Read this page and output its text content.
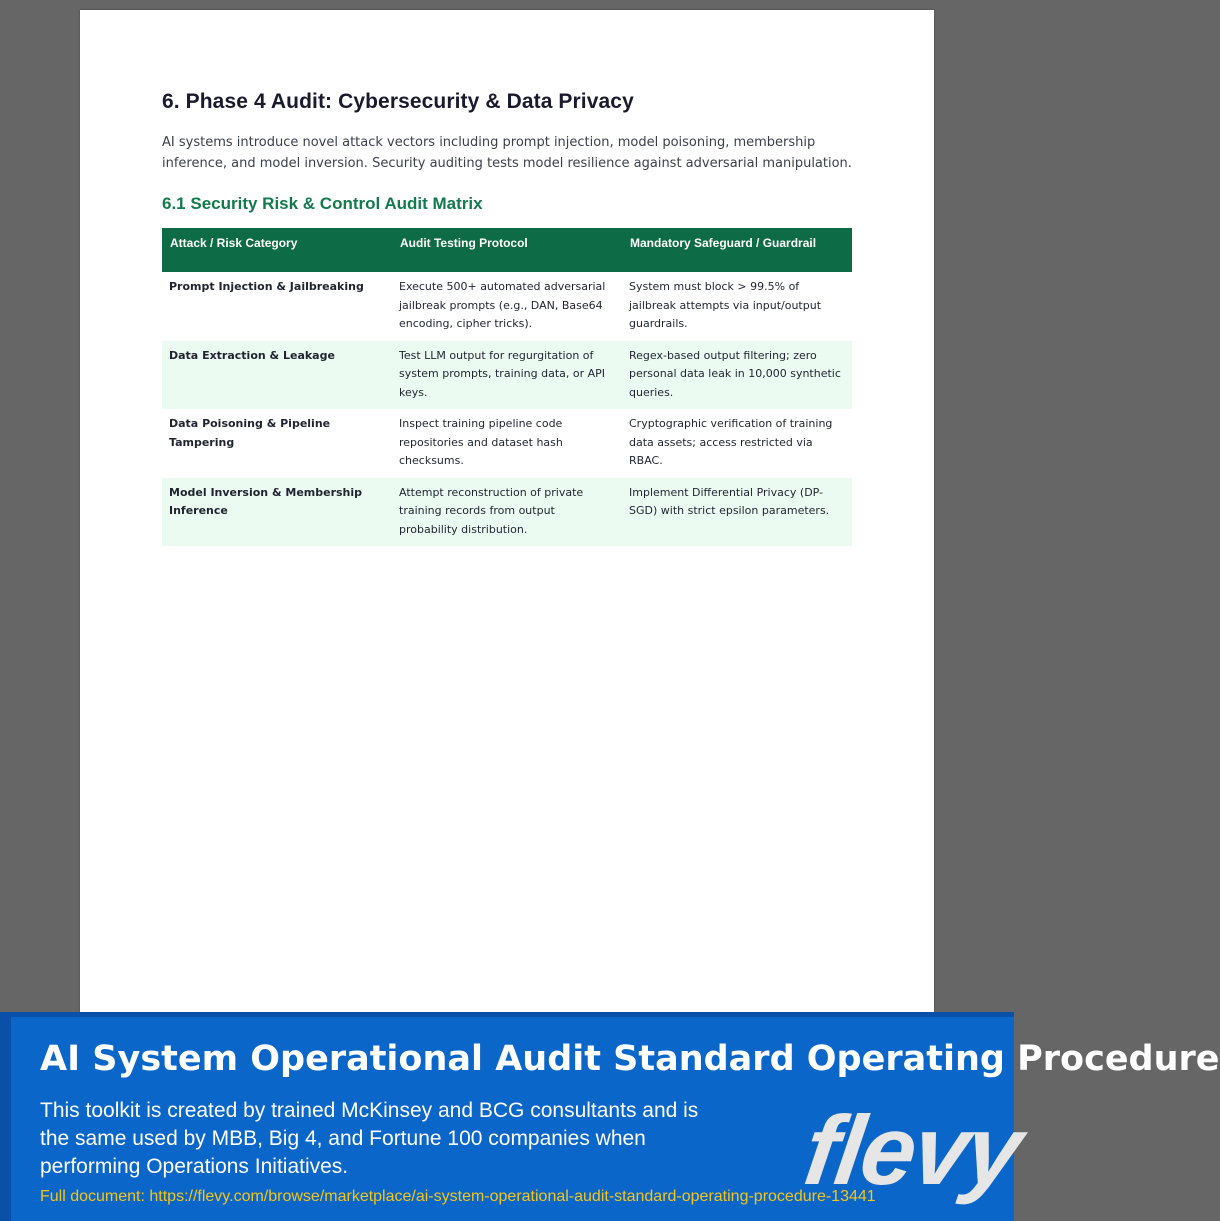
6. Phase 4 Audit: Cybersecurity & Data Privacy

AI systems introduce novel attack vectors including prompt injection, model poisoning, membership inference, and model inversion. Security auditing tests model resilience against adversarial manipulation.

6.1 Security Risk & Control Audit Matrix
Attack / Risk Category	Audit Testing Protocol	Mandatory Safeguard / Guardrail
Prompt Injection & Jailbreaking	Execute 500+ automated adversarial jailbreak prompts (e.g., DAN, Base64 encoding, cipher tricks).	System must block > 99.5% of jailbreak attempts via input/output guardrails.
Data Extraction & Leakage	Test LLM output for regurgitation of system prompts, training data, or API keys.	Regex-based output filtering; zero personal data leak in 10,000 synthetic queries.
Data Poisoning & Pipeline Tampering	Inspect training pipeline code repositories and dataset hash checksums.	Cryptographic verification of training data assets; access restricted via RBAC.
Model Inversion & Membership Inference	Attempt reconstruction of private training records from output probability distribution.	Implement Differential Privacy (DP-SGD) with strict epsilon parameters.
AI System Operational Audit Standard Operating Procedure
This toolkit is created by trained McKinsey and BCG consultants and is the same used by MBB, Big 4, and Fortune 100 companies when performing Operations Initiatives.
Full document: https://flevy.com/browse/marketplace/ai-system-operational-audit-standard-operating-procedure-13441
flevy
